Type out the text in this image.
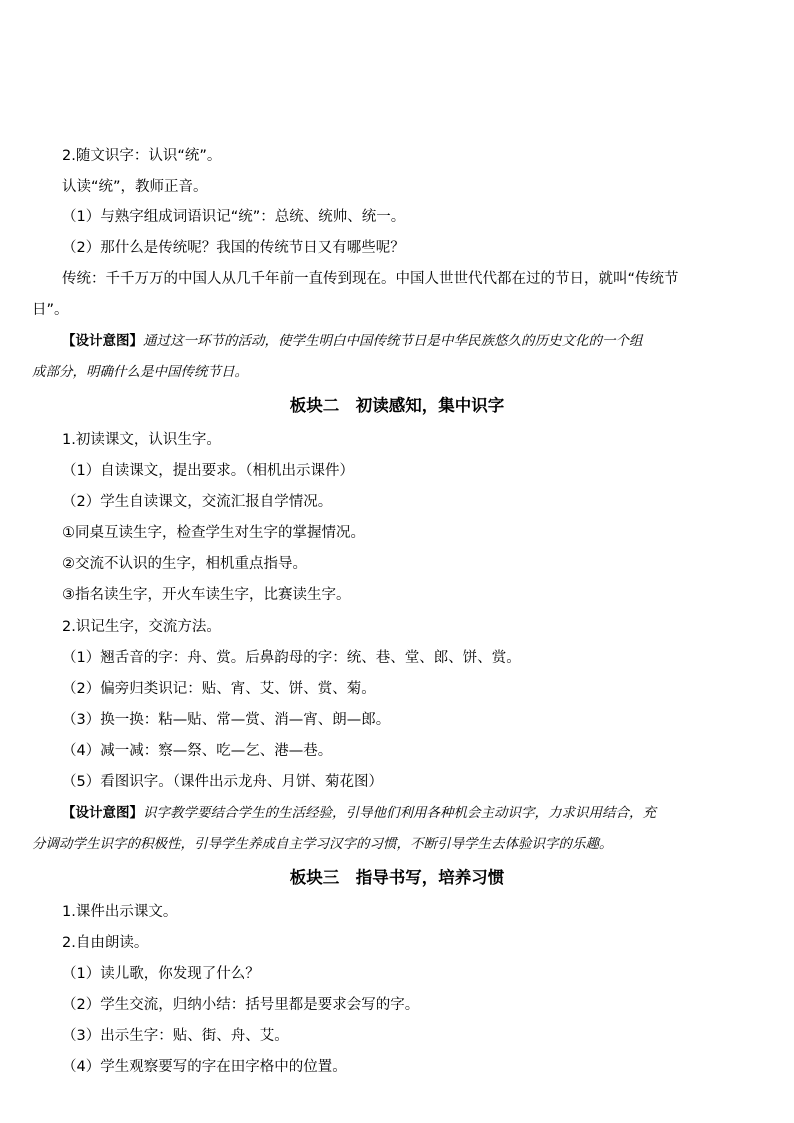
2.随文识字：认识“统”。
认读“统”，教师正音。
（1）与熟字组成词语识记“统”：总统、统帅、统一。
（2）那什么是传统呢？我国的传统节日又有哪些呢？
传统：千千万万的中国人从几千年前一直传到现在。中国人世世代代都在过的节日，就叫“传统节
日”。
【设计意图】通过这一环节的活动，使学生明白中国传统节日是中华民族悠久的历史文化的一个组
成部分，明确什么是中国传统节日。
板块二　初读感知，集中识字
1.初读课文，认识生字。
（1）自读课文，提出要求。（相机出示课件）
（2）学生自读课文，交流汇报自学情况。
①同桌互读生字，检查学生对生字的掌握情况。
②交流不认识的生字，相机重点指导。
③指名读生字，开火车读生字，比赛读生字。
2.识记生字，交流方法。
（1）翘舌音的字：舟、赏。后鼻韵母的字：统、巷、堂、郎、饼、赏。
（2）偏旁归类识记：贴、宵、艾、饼、赏、菊。
（3）换一换：粘—贴、常—赏、消—宵、朗—郎。
（4）减一减：察—祭、吃—乞、港—巷。
（5）看图识字。（课件出示龙舟、月饼、菊花图）
【设计意图】识字教学要结合学生的生活经验，引导他们利用各种机会主动识字，力求识用结合，充
分调动学生识字的积极性，引导学生养成自主学习汉字的习惯，不断引导学生去体验识字的乐趣。
板块三　指导书写，培养习惯
1.课件出示课文。
2.自由朗读。
（1）读儿歌，你发现了什么？
（2）学生交流，归纳小结：括号里都是要求会写的字。
（3）出示生字：贴、街、舟、艾。
（4）学生观察要写的字在田字格中的位置。
